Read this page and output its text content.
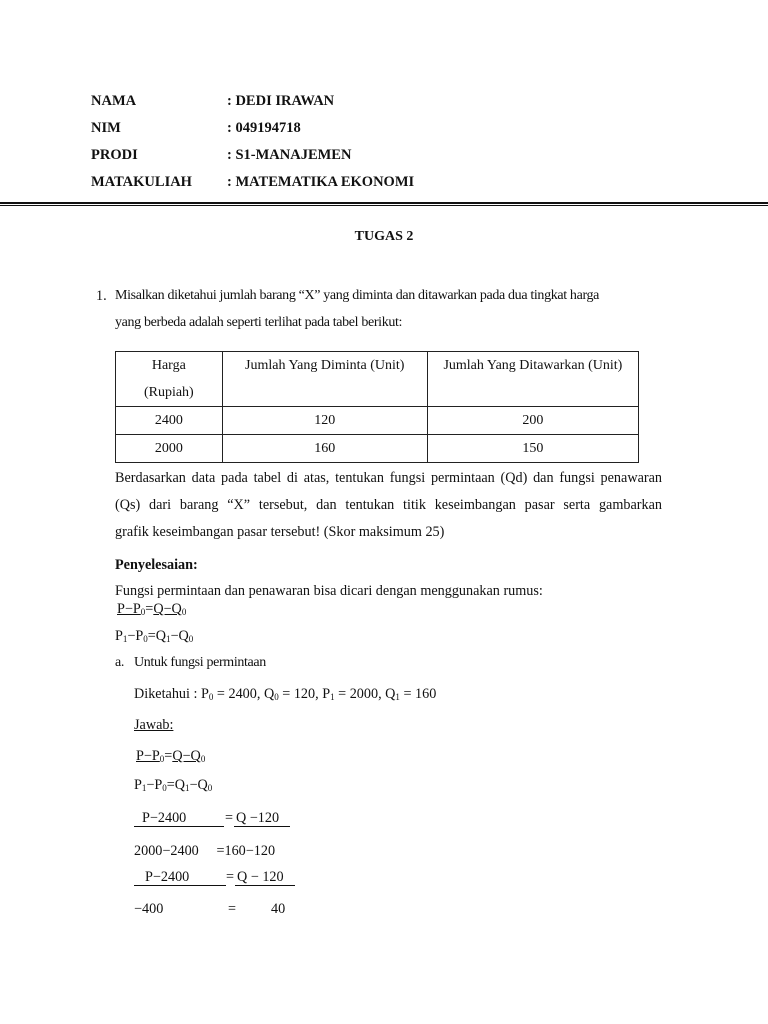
NAMA	: DEDI IRAWAN
NIM	: 049194718
PRODI	: S1-MANAJEMEN
MATAKULIAH : MATEMATIKA EKONOMI
TUGAS 2
1. Misalkan diketahui jumlah barang “X” yang diminta dan ditawarkan pada dua tingkat harga
yang berbeda adalah seperti terlihat pada tabel berikut:
Harga
(Rupiah)	Jumlah Yang Diminta (Unit)	Jumlah Yang Ditawarkan (Unit)
2400	120	200
2000	160	150
Berdasarkan data pada tabel di atas, tentukan fungsi permintaan (Qd) dan fungsi penawaran
(Qs) dari barang “X” tersebut, dan tentukan titik keseimbangan pasar serta gambarkan
grafik keseimbangan pasar tersebut! (Skor maksimum 25)
Penyelesaian:
Fungsi permintaan dan penawaran bisa dicari dengan menggunakan rumus:
$P-P_0=Q-Q_0$
$P_1-P_0=Q_1-Q_0$
a. Untuk fungsi permintaan
Diketahui : $P_0 = 2400$, $Q_0 = 120$, $P_1 = 2000$, $Q_1 = 160$
Jawab:
$P-P_0=Q-Q_0$
$P_1-P_0=Q_1-Q_0$
P−2400	= Q −120
2000−2400     =160−120
P−2400	= Q − 120
−400	= 40
